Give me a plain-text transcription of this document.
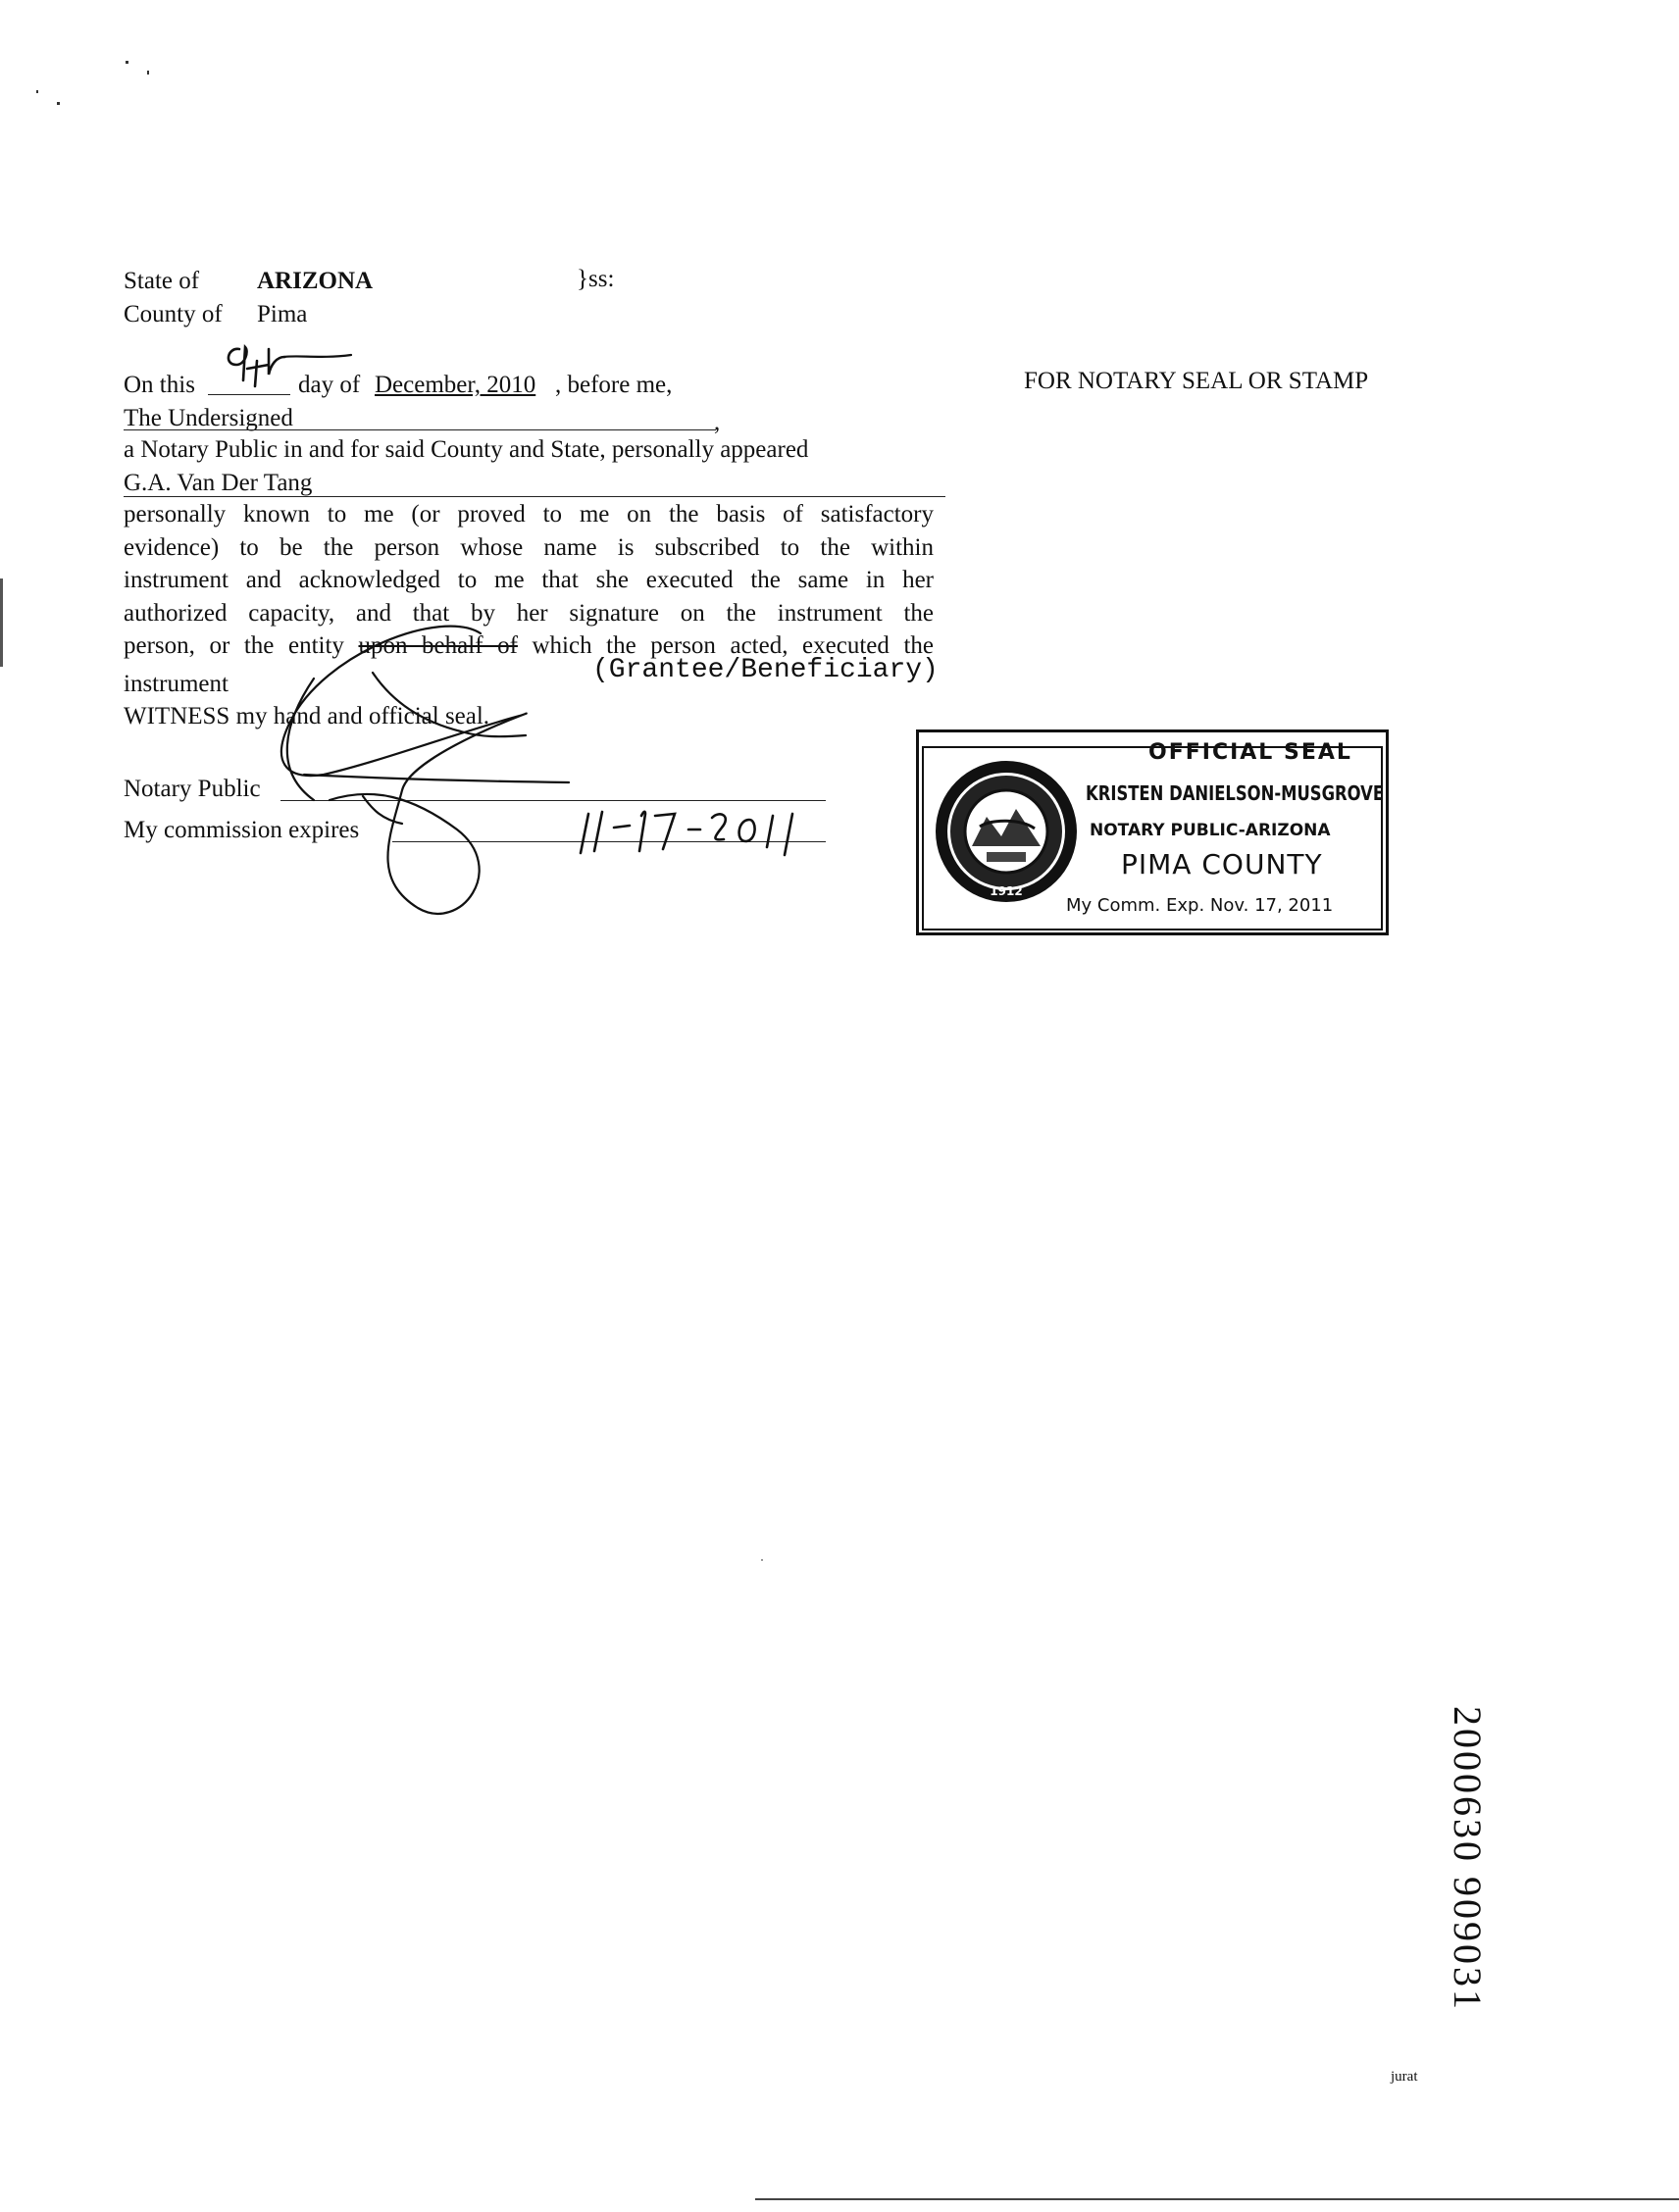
State of ARIZONA	}ss:
County of Pima
FOR NOTARY SEAL OR STAMP
On this	day of December, 2010 , before me,
The Undersigned	,
a Notary Public in and for said County and State, personally appeared
G.A. Van Der Tang
personally known to me (or proved to me on the basis of satisfactory
evidence) to be the person whose name is subscribed to the within
instrument and acknowledged to me that she executed the same in her
authorized capacity, and that by her signature on the instrument the
person, or the entity upon behalf of which the person acted, executed the
instrument	(Grantee/Beneficiary)
WITNESS my hand and official seal.
Notary Public
My commission expires
1912
OFFICIAL SEAL
KRISTEN DANIELSON-MUSGROVE
NOTARY PUBLIC-ARIZONA
PIMA COUNTY
My Comm. Exp. Nov. 17, 2011
2000630 909031
jurat
